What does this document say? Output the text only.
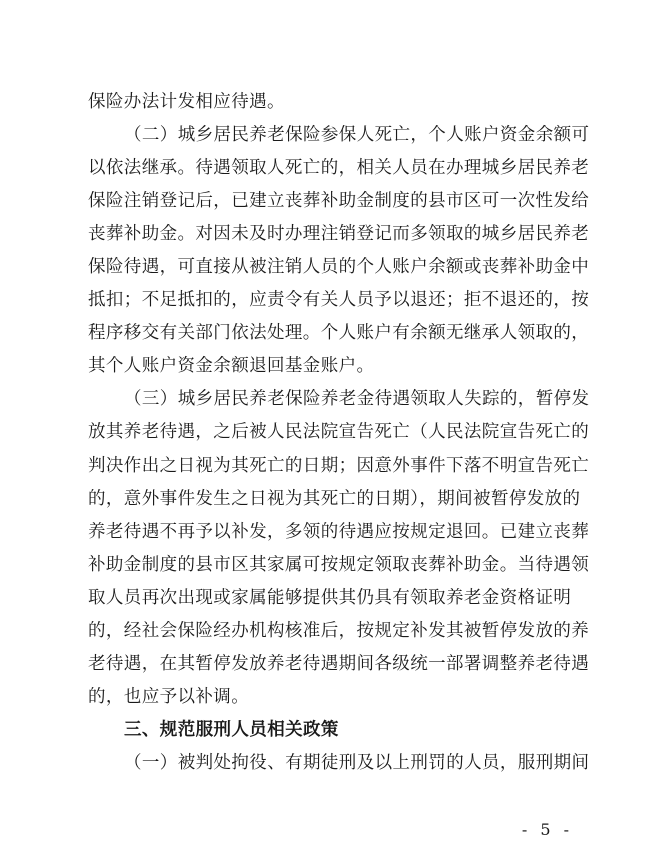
保险办法计发相应待遇。
（二）城乡居民养老保险参保人死亡，个人账户资金余额可
以依法继承。待遇领取人死亡的，相关人员在办理城乡居民养老
保险注销登记后，已建立丧葬补助金制度的县市区可一次性发给
丧葬补助金。对因未及时办理注销登记而多领取的城乡居民养老
保险待遇，可直接从被注销人员的个人账户余额或丧葬补助金中
抵扣；不足抵扣的，应责令有关人员予以退还；拒不退还的，按
程序移交有关部门依法处理。个人账户有余额无继承人领取的，
其个人账户资金余额退回基金账户。
（三）城乡居民养老保险养老金待遇领取人失踪的，暂停发
放其养老待遇，之后被人民法院宣告死亡（人民法院宣告死亡的
判决作出之日视为其死亡的日期；因意外事件下落不明宣告死亡
的，意外事件发生之日视为其死亡的日期），期间被暂停发放的
养老待遇不再予以补发，多领的待遇应按规定退回。已建立丧葬
补助金制度的县市区其家属可按规定领取丧葬补助金。当待遇领
取人员再次出现或家属能够提供其仍具有领取养老金资格证明
的，经社会保险经办机构核准后，按规定补发其被暂停发放的养
老待遇，在其暂停发放养老待遇期间各级统一部署调整养老待遇
的，也应予以补调。
三、规范服刑人员相关政策
（一）被判处拘役、有期徒刑及以上刑罚的人员，服刑期间
- 5 -
